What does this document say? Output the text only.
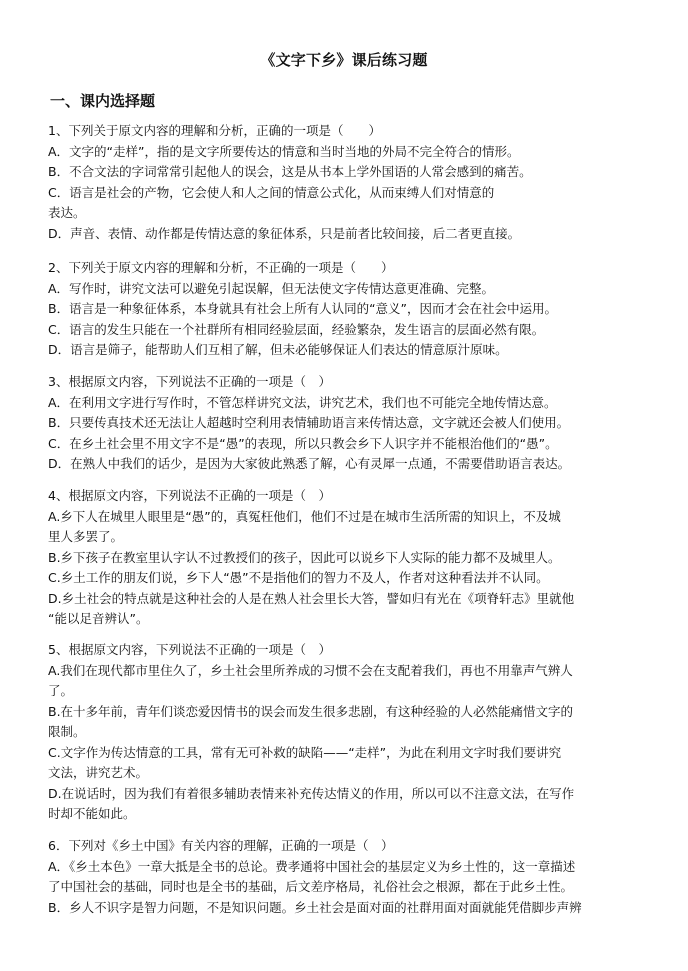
《文字下乡》课后练习题
一、课内选择题
1、下列关于原文内容的理解和分析，正确的一项是（　　）
A．文字的“走样”，指的是文字所要传达的情意和当时当地的外局不完全符合的情形。
B．不合文法的字词常常引起他人的误会，这是从书本上学外国语的人常会感到的痛苦。
C．语言是社会的产物，它会使人和人之间的情意公式化，从而束缚人们对情意的
表达。
D．声音、表情、动作都是传情达意的象征体系，只是前者比较间接，后二者更直接。
2、下列关于原文内容的理解和分析，不正确的一项是（　　）
A．写作时，讲究文法可以避免引起误解，但无法使文字传情达意更准确、完整。
B．语言是一种象征体系，本身就具有社会上所有人认同的“意义”，因而才会在社会中运用。
C．语言的发生只能在一个社群所有相同经验层面，经验繁杂，发生语言的层面必然有限。
D．语言是筛子，能帮助人们互相了解，但未必能够保证人们表达的情意原汁原味。
3、根据原文内容，下列说法不正确的一项是（　）
A．在利用文字进行写作时，不管怎样讲究文法，讲究艺术，我们也不可能完全地传情达意。
B．只要传真技术还无法让人超越时空利用表情辅助语言来传情达意，文字就还会被人们使用。
C．在乡土社会里不用文字不是“愚”的表现，所以只教会乡下人识字并不能根治他们的“愚”。
D．在熟人中我们的话少，是因为大家彼此熟悉了解，心有灵犀一点通，不需要借助语言表达。
4、根据原文内容，下列说法不正确的一项是（　）
A.乡下人在城里人眼里是“愚”的，真冤枉他们，他们不过是在城市生活所需的知识上，不及城
里人多罢了。
B.乡下孩子在教室里认字认不过教授们的孩子，因此可以说乡下人实际的能力都不及城里人。
C.乡土工作的朋友们说，乡下人“愚”不是指他们的智力不及人，作者对这种看法并不认同。
D.乡土社会的特点就是这种社会的人是在熟人社会里长大答，譬如归有光在《项脊轩志》里就他
“能以足音辨认”。
5、根据原文内容，下列说法不正确的一项是（　）
A.我们在现代都市里住久了，乡土社会里所养成的习惯不会在支配着我们，再也不用靠声气辨人
了。
B.在十多年前，青年们谈恋爱因情书的误会而发生很多悲剧，有这种经验的人必然能痛惜文字的
限制。
C.文字作为传达情意的工具，常有无可补救的缺陷——“走样”，为此在利用文字时我们要讲究
文法，讲究艺术。
D.在说话时，因为我们有着很多辅助表情来补充传达情义的作用，所以可以不注意文法，在写作
时却不能如此。
6．下列对《乡土中国》有关内容的理解，正确的一项是（　）
A．《乡土本色》一章大抵是全书的总论。费孝通将中国社会的基层定义为乡土性的，这一章描述
了中国社会的基础，同时也是全书的基础，后文差序格局，礼俗社会之根源，都在于此乡土性。
B．乡人不识字是智力问题，不是知识问题。乡土社会是面对面的社群用面对面就能凭借脚步声辨
